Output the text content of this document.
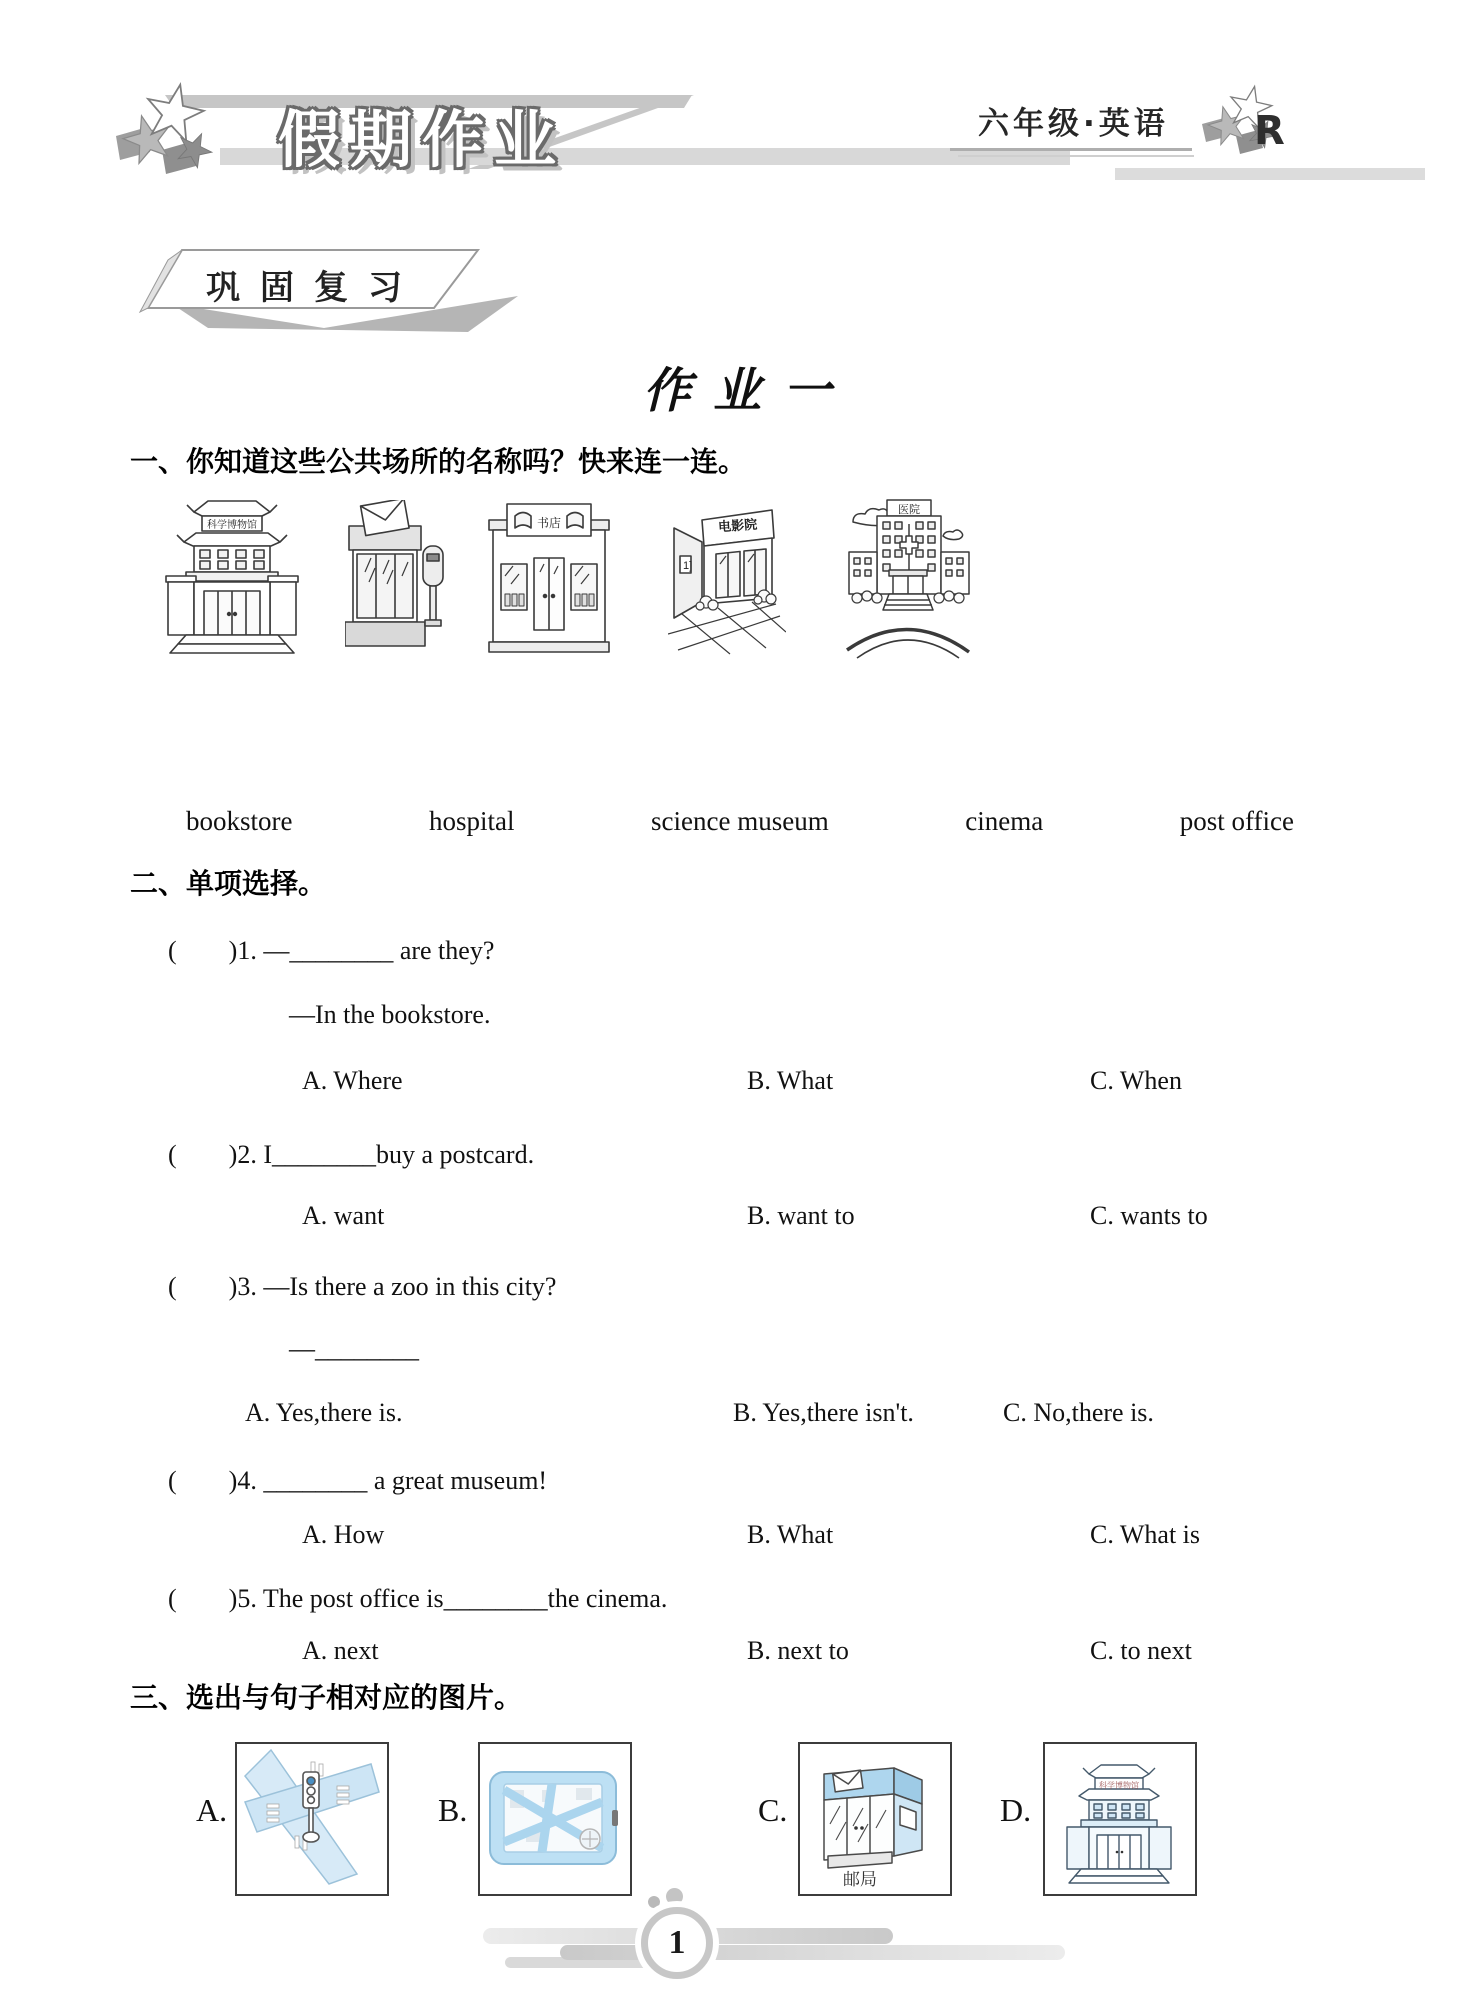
假期作业	六年级·英语 R
巩固复习
作业一
一、你知道这些公共场所的名称吗？快来连一连。
科学博物馆	书店
1]
电影院
医院
bookstore	hospital	science museum	cinema	post office
二、单项选择。
(　　)1. —________ are they?
—In the bookstore.
A. Where	B. What	C. When
(　　)2. I________buy a postcard.
A. want	B. want to	C. wants to
(　　)3. —Is there a zoo in this city?
—________
A. Yes,there is.	B. Yes,there isn't.	C. No,there is.
(　　)4. ________ a great museum!
A. How	B. What	C. What is
(　　)5. The post office is________the cinema.
A. next	B. next to	C. to next
三、选出与句子相对应的图片。
A.	B.	C.
邮局
D.
科学博物馆
1
